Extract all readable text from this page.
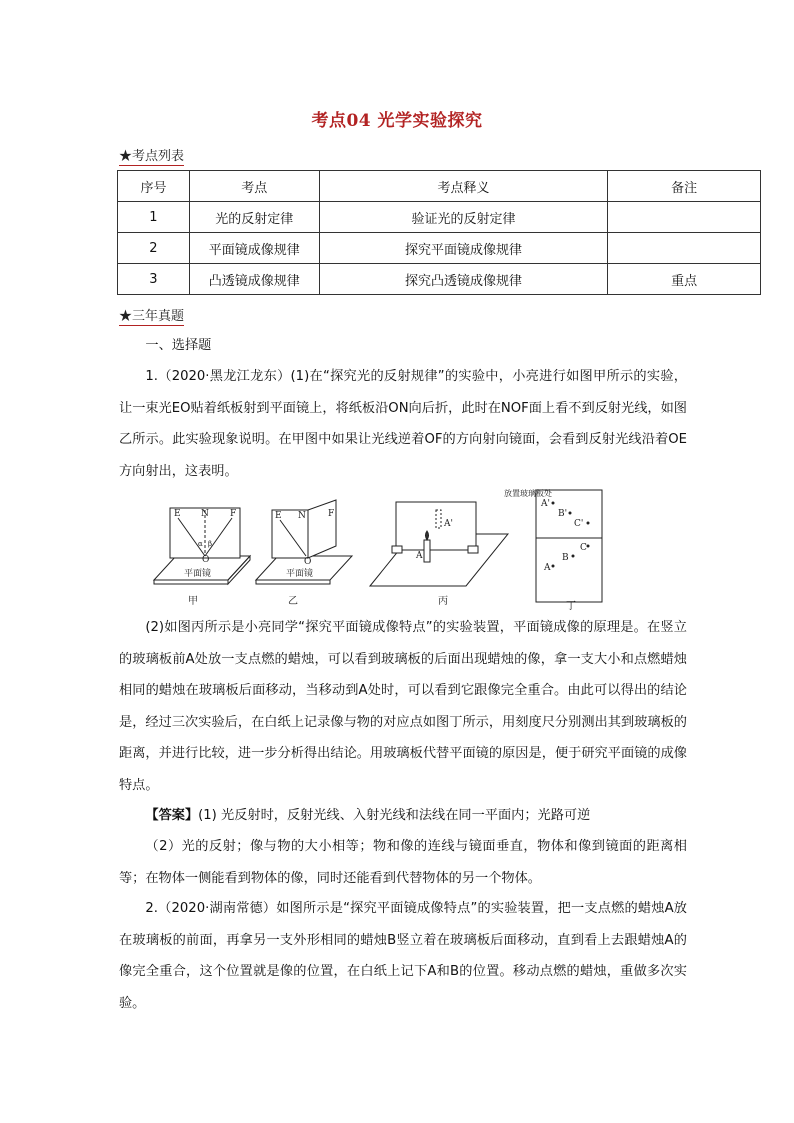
考点04 光学实验探究
★考点列表
序号	考点	考点释义	备注
1	光的反射定律	验证光的反射定律	
2	平面镜成像规律	探究平面镜成像规律	
3	凸透镜成像规律	探究凸透镜成像规律	重点
★三年真题
一、选择题
1.（2020·黑龙江龙东）(1)在“探究光的反射规律”的实验中，小亮进行如图甲所示的实验，让一束光EO贴着纸板射到平面镜上，将纸板沿ON向后折，此时在NOF面上看不到反射光线，如图乙所示。此实验现象说明。在甲图中如果让光线逆着OF的方向射向镜面，会看到反射光线沿着OE方向射出，这表明。
E N F
α β
O
平面镜
E N F
O
平面镜
A'
A
放置玻璃板处
A'
B'
C'
C
B
A
甲	乙	丙	丁
(2)如图丙所示是小亮同学“探究平面镜成像特点”的实验装置，平面镜成像的原理是。在竖立的玻璃板前A处放一支点燃的蜡烛，可以看到玻璃板的后面出现蜡烛的像，拿一支大小和点燃蜡烛相同的蜡烛在玻璃板后面移动，当移动到A处时，可以看到它跟像完全重合。由此可以得出的结论是，经过三次实验后，在白纸上记录像与物的对应点如图丁所示，用刻度尺分别测出其到玻璃板的距离，并进行比较，进一步分析得出结论。用玻璃板代替平面镜的原因是，便于研究平面镜的成像特点。
【答案】(1) 光反射时，反射光线、入射光线和法线在同一平面内；光路可逆
（2）光的反射；像与物的大小相等；物和像的连线与镜面垂直，物体和像到镜面的距离相等；在物体一侧能看到物体的像，同时还能看到代替物体的另一个物体。
2.（2020·湖南常德）如图所示是“探究平面镜成像特点”的实验装置，把一支点燃的蜡烛A放在玻璃板的前面，再拿另一支外形相同的蜡烛B竖立着在玻璃板后面移动，直到看上去跟蜡烛A的像完全重合，这个位置就是像的位置，在白纸上记下A和B的位置。移动点燃的蜡烛，重做多次实验。
